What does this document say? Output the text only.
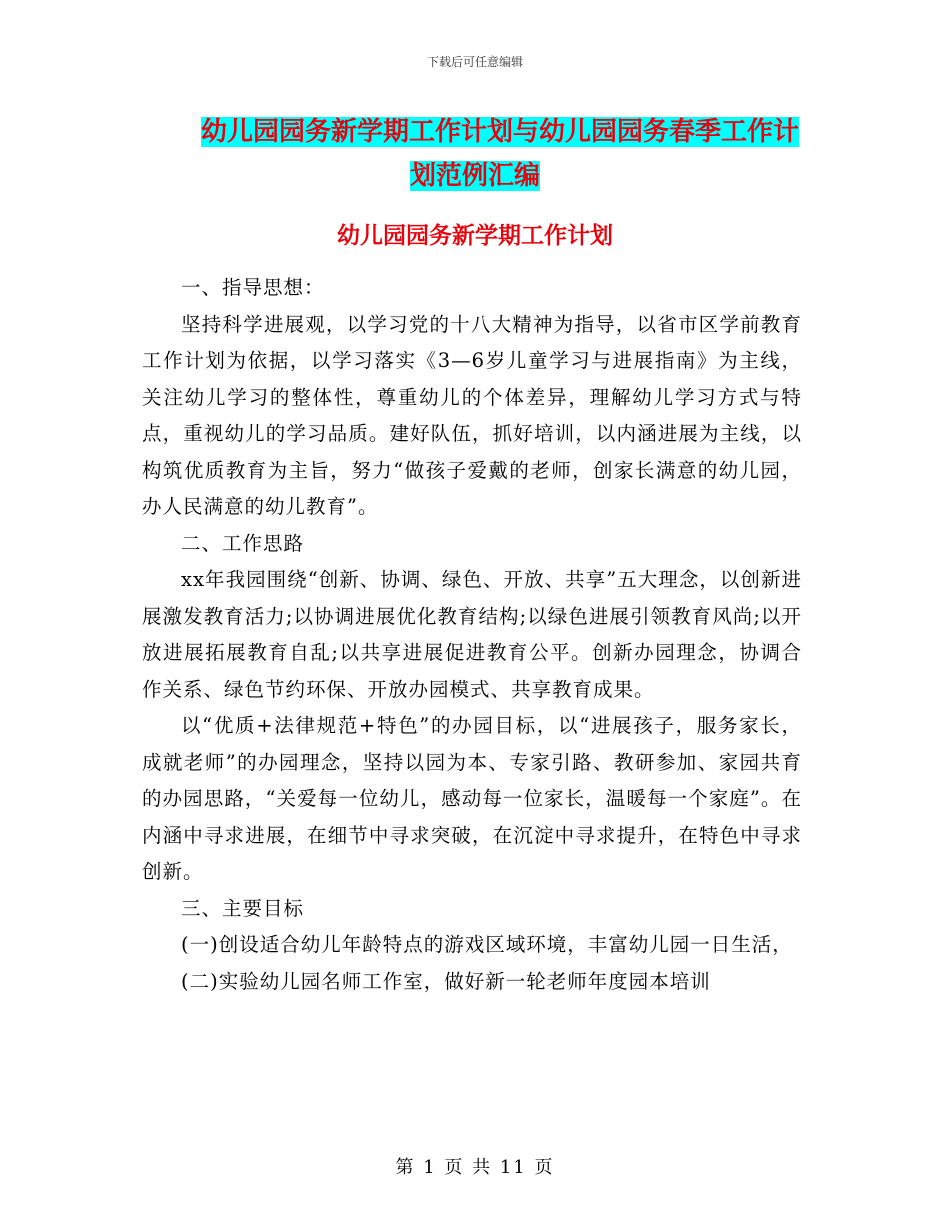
下载后可任意编辑
幼儿园园务新学期工作计划与幼儿园园务春季工作计
划范例汇编
幼儿园园务新学期工作计划

一、指导思想：

坚持科学进展观，以学习党的十八大精神为指导，以省市区学前教育工作计划为依据，以学习落实《3—6岁儿童学习与进展指南》为主线，关注幼儿学习的整体性，尊重幼儿的个体差异，理解幼儿学习方式与特点，重视幼儿的学习品质。建好队伍，抓好培训，以内涵进展为主线，以构筑优质教育为主旨，努力“做孩子爱戴的老师，创家长满意的幼儿园，办人民满意的幼儿教育”。

二、工作思路

xx年我园围绕“创新、协调、绿色、开放、共享”五大理念，以创新进展激发教育活力;以协调进展优化教育结构;以绿色进展引领教育风尚;以开放进展拓展教育自乱;以共享进展促进教育公平。创新办园理念，协调合作关系、绿色节约环保、开放办园模式、共享教育成果。

以“优质+法律规范+特色”的办园目标，以“进展孩子，服务家长，成就老师”的办园理念，坚持以园为本、专家引路、教研参加、家园共育的办园思路，“关爱每一位幼儿，感动每一位家长，温暖每一个家庭”。在内涵中寻求进展，在细节中寻求突破，在沉淀中寻求提升，在特色中寻求创新。

三、主要目标

(一)创设适合幼儿年龄特点的游戏区域环境，丰富幼儿园一日生活，

(二)实验幼儿园名师工作室，做好新一轮老师年度园本培训

第 1 页 共 11 页
